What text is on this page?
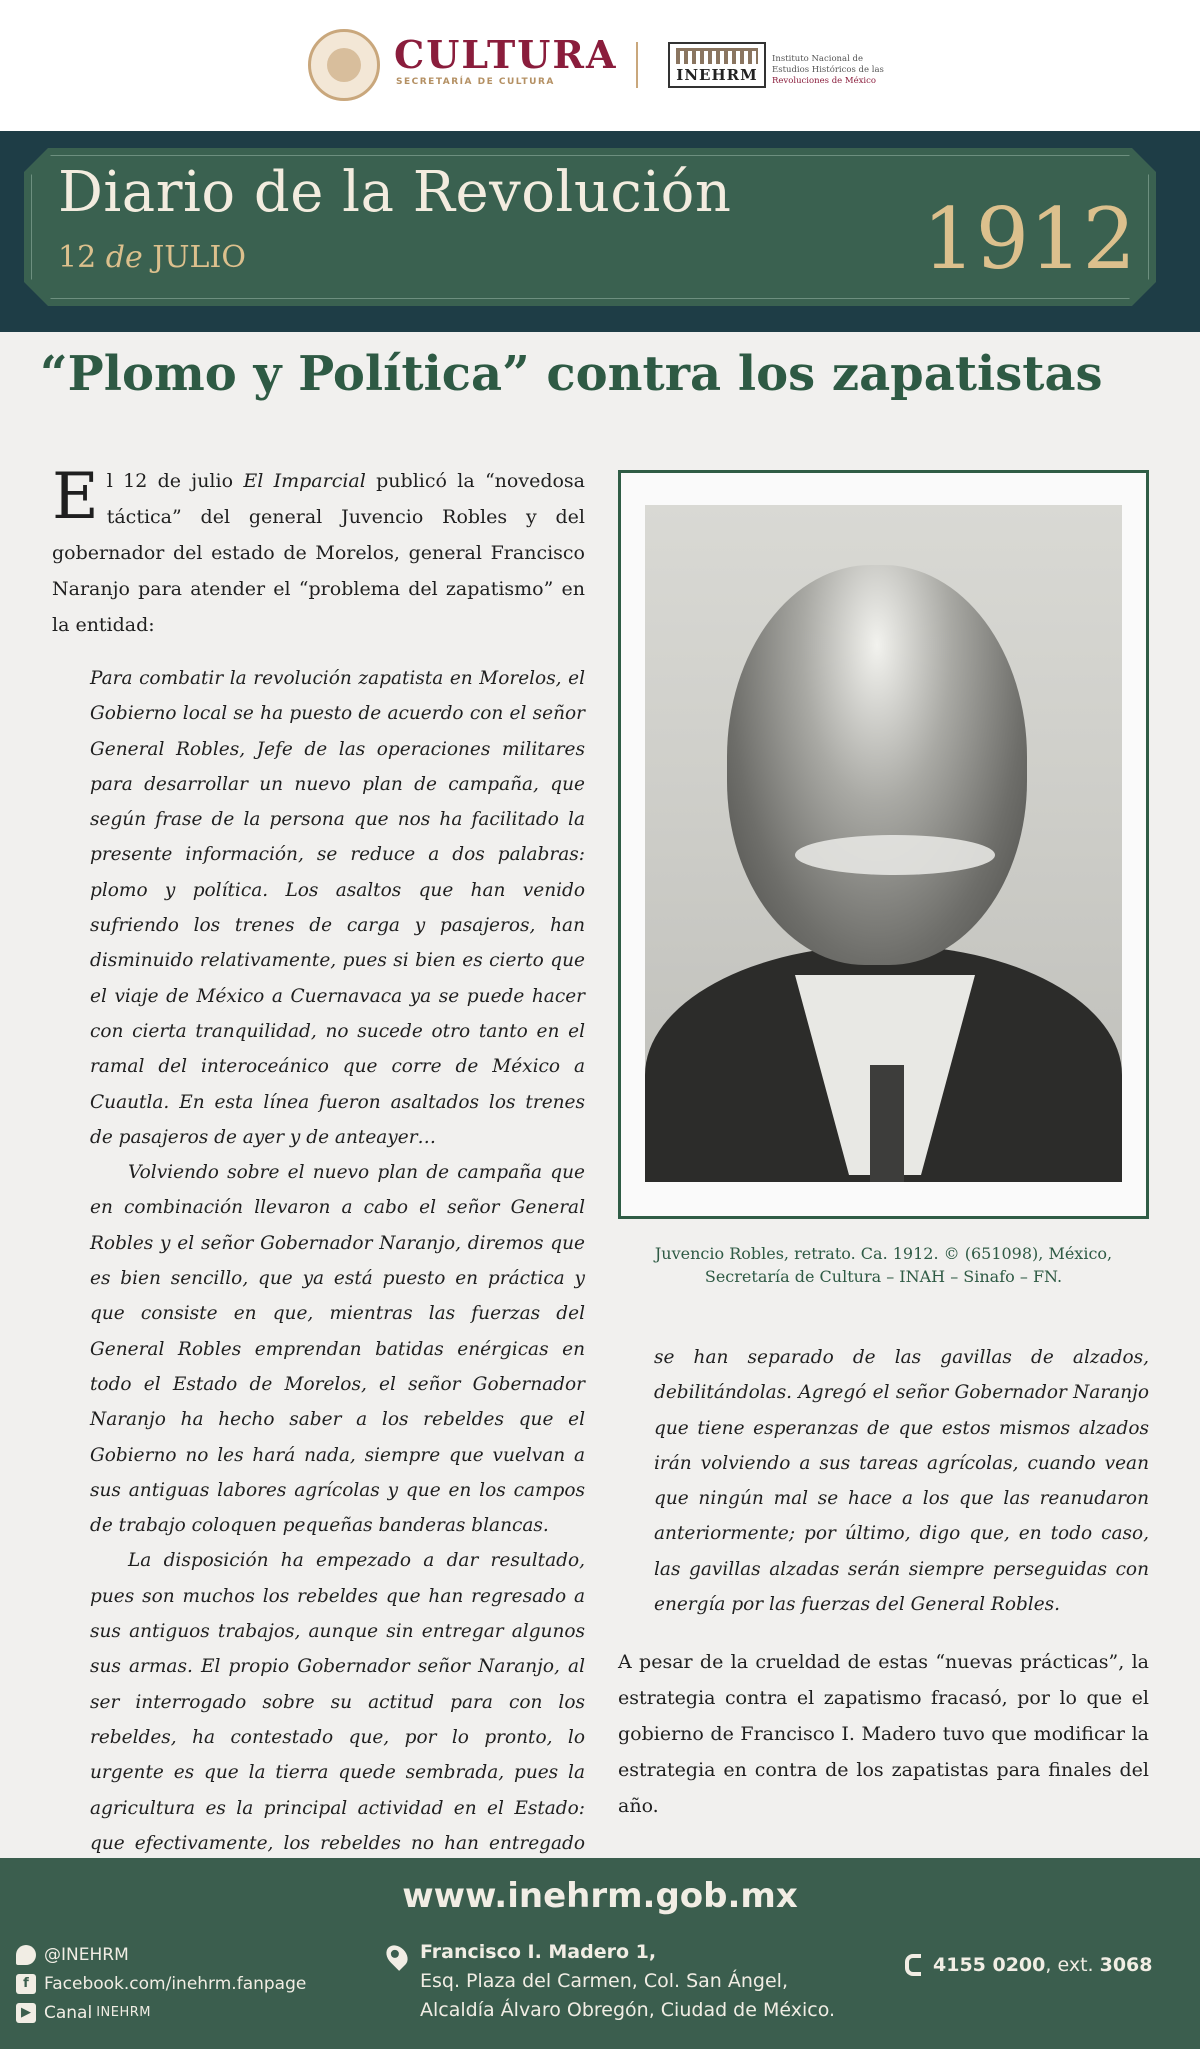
CULTURA
SECRETARÍA DE CULTURA	INEHRM
Instituto Nacional de
Estudios Históricos de las
Revoluciones de México
Diario de la Revolución
12 de JULIO	1912
“Plomo y Política” contra los zapatistas

El 12 de julio El Imparcial publicó la “novedosa táctica” del general Juvencio Robles y del gobernador del estado de Morelos, general Francisco Naranjo para atender el “problema del zapatismo” en la entidad:

Para combatir la revolución zapatista en Morelos, el Gobierno local se ha puesto de acuerdo con el señor General Robles, Jefe de las operaciones militares para desarrollar un nuevo plan de campaña, que según frase de la persona que nos ha facilitado la presente información, se reduce a dos palabras: plomo y política. Los asaltos que han venido sufriendo los trenes de carga y pasajeros, han disminuido relativamente, pues si bien es cierto que el viaje de México a Cuernavaca ya se puede hacer con cierta tranquilidad, no sucede otro tanto en el ramal del interoceánico que corre de México a Cuautla. En esta línea fueron asaltados los trenes de pasajeros de ayer y de anteayer…

Volviendo sobre el nuevo plan de campaña que en combinación llevaron a cabo el señor General Robles y el señor Gobernador Naranjo, diremos que es bien sencillo, que ya está puesto en práctica y que consiste en que, mientras las fuerzas del General Robles emprendan batidas enérgicas en todo el Estado de Morelos, el señor Gobernador Naranjo ha hecho saber a los rebeldes que el Gobierno no les hará nada, siempre que vuelvan a sus antiguas labores agrícolas y que en los campos de trabajo coloquen pequeñas banderas blancas.

La disposición ha empezado a dar resultado, pues son muchos los rebeldes que han regresado a sus antiguos trabajos, aunque sin entregar algunos sus armas. El propio Gobernador señor Naranjo, al ser interrogado sobre su actitud para con los rebeldes, ha contestado que, por lo pronto, lo urgente es que la tierra quede sembrada, pues la agricultura es la principal actividad en el Estado: que efectivamente, los rebeldes no han entregado

Juvencio Robles, retrato. Ca. 1912. © (651098), México,
Secretaría de Cultura – INAH – Sinafo – FN.

se han separado de las gavillas de alzados, debilitándolas. Agregó el señor Gobernador Naranjo que tiene esperanzas de que estos mismos alzados irán volviendo a sus tareas agrícolas, cuando vean que ningún mal se hace a los que las reanudaron anteriormente; por último, digo que, en todo caso, las gavillas alzadas serán siempre perseguidas con energía por las fuerzas del General Robles.

A pesar de la crueldad de estas “nuevas prácticas”, la estrategia contra el zapatismo fracasó, por lo que el gobierno de Francisco I. Madero tuvo que modificar la estrategia en contra de los zapatistas para finales del año.

www.inehrm.gob.mx
@INEHRM
f Facebook.com/inehrm.fanpage
▶ Canal INEHRM
Francisco I. Madero 1,
Esq. Plaza del Carmen, Col. San Ángel,
Alcaldía Álvaro Obregón, Ciudad de México.
4155 0200, ext. 3068
